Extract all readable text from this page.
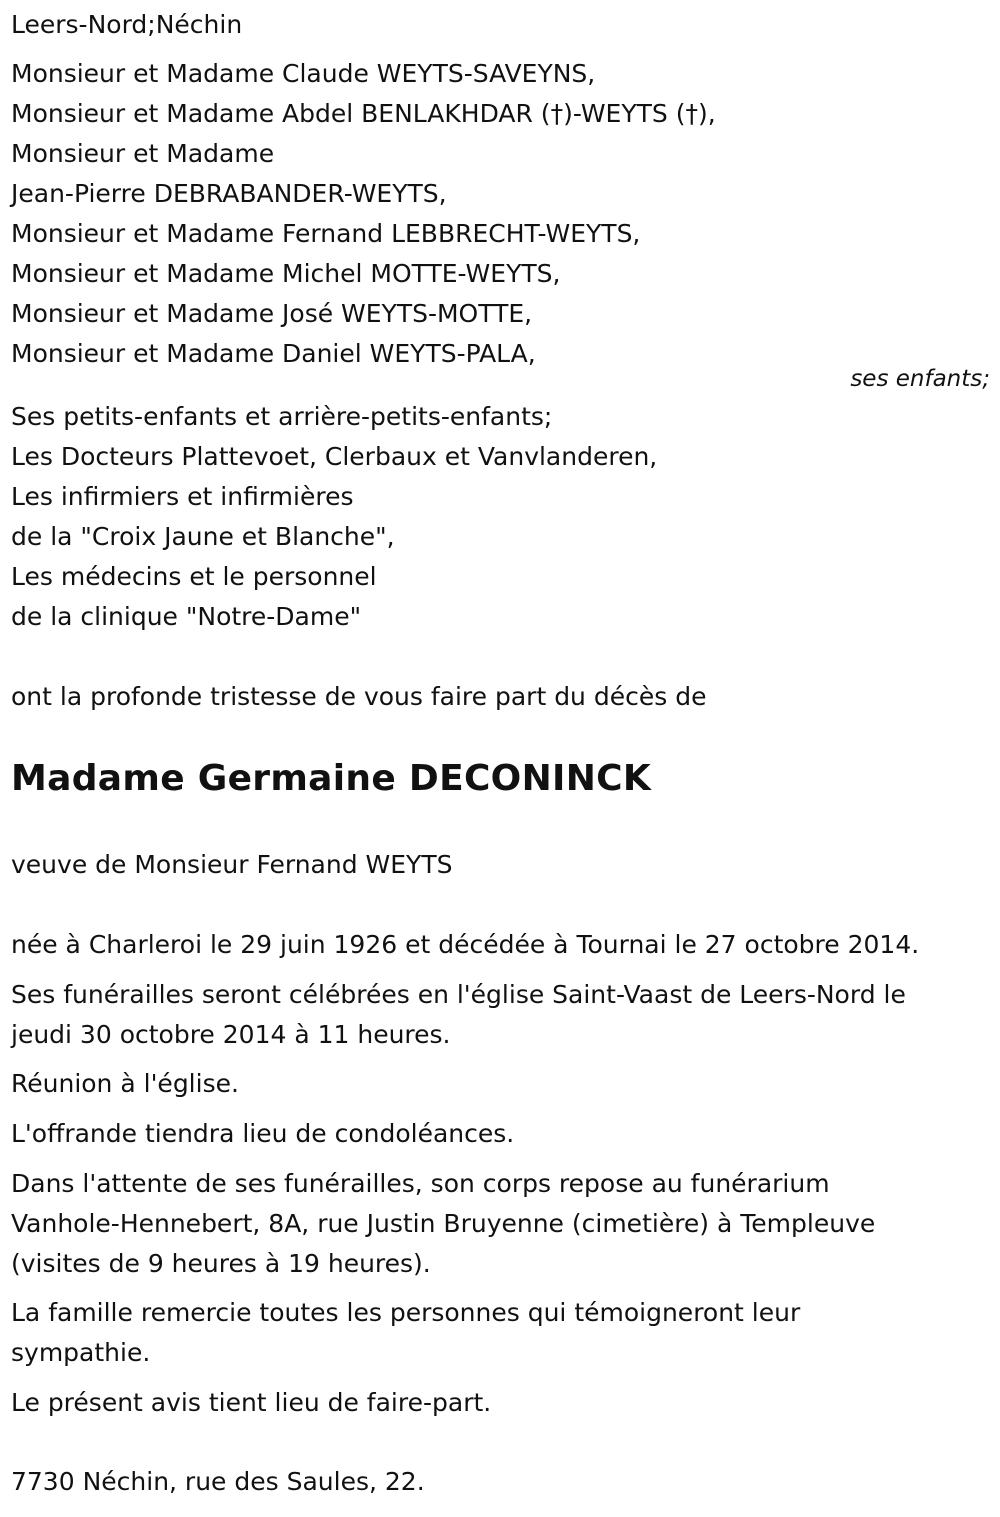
Leers-Nord;Néchin
Monsieur et Madame Claude WEYTS-SAVEYNS,
Monsieur et Madame Abdel BENLAKHDAR (†)-WEYTS (†),
Monsieur et Madame
Jean-Pierre DEBRABANDER-WEYTS,
Monsieur et Madame Fernand LEBBRECHT-WEYTS,
Monsieur et Madame Michel MOTTE-WEYTS,
Monsieur et Madame José WEYTS-MOTTE,
Monsieur et Madame Daniel WEYTS-PALA,
ses enfants;
Ses petits-enfants et arrière-petits-enfants;
Les Docteurs Plattevoet, Clerbaux et Vanvlanderen,
Les infirmiers et infirmières
de la "Croix Jaune et Blanche",
Les médecins et le personnel
de la clinique "Notre-Dame"
ont la profonde tristesse de vous faire part du décès de
Madame Germaine DECONINCK
veuve de Monsieur Fernand WEYTS
née à Charleroi le 29 juin 1926 et décédée à Tournai le 27 octobre 2014.
Ses funérailles seront célébrées en l'église Saint-Vaast de Leers-Nord le
jeudi 30 octobre 2014 à 11 heures.
Réunion à l'église.
L'offrande tiendra lieu de condoléances.
Dans l'attente de ses funérailles, son corps repose au funérarium
Vanhole-Hennebert, 8A, rue Justin Bruyenne (cimetière) à Templeuve
(visites de 9 heures à 19 heures).
La famille remercie toutes les personnes qui témoigneront leur
sympathie.
Le présent avis tient lieu de faire-part.
7730 Néchin, rue des Saules, 22.
